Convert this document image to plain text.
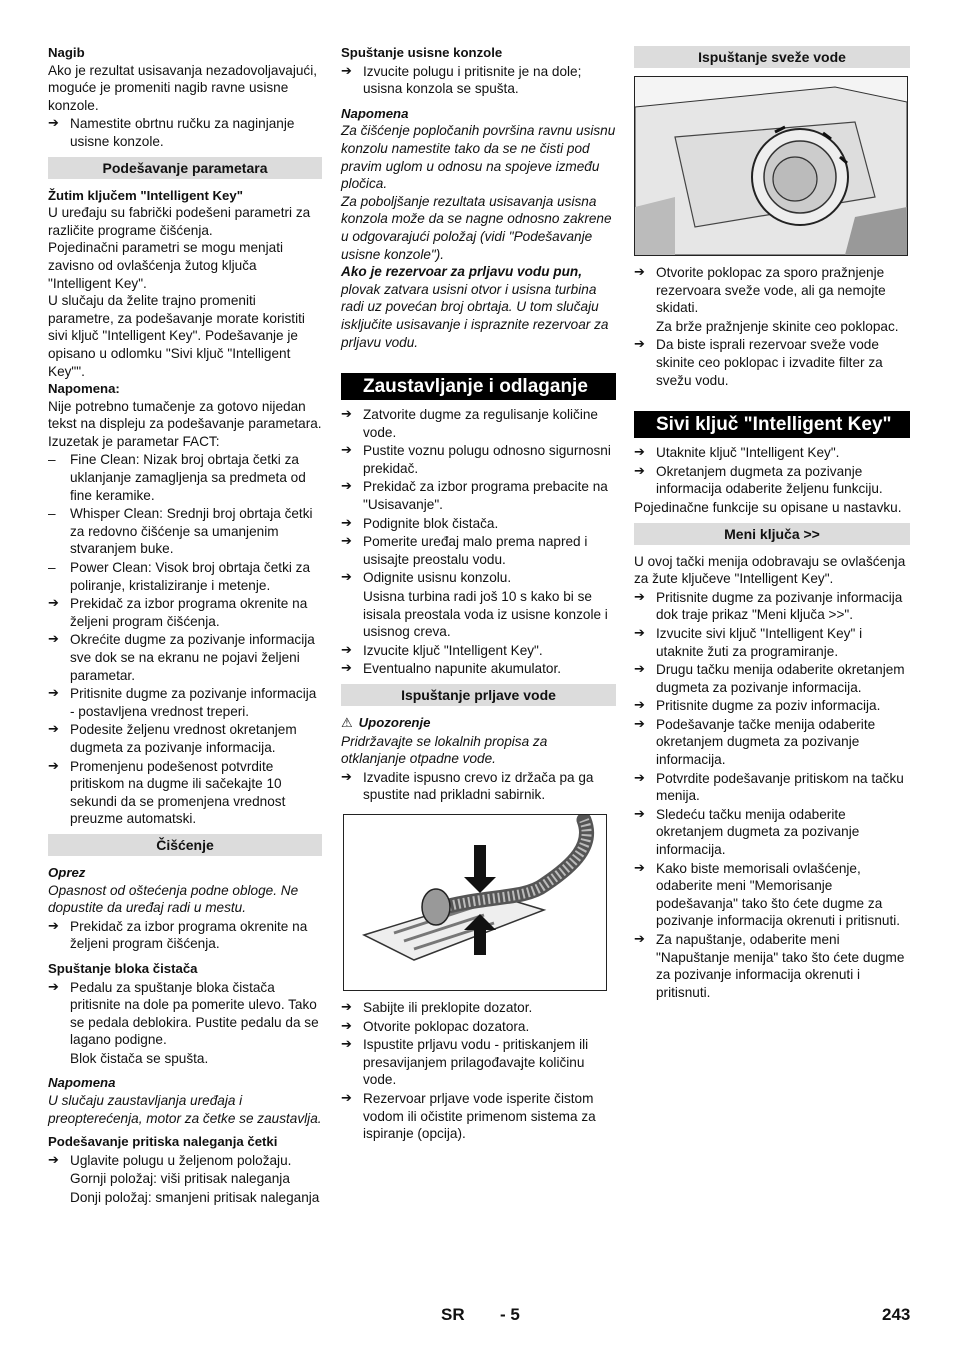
Nagib

Ako je rezultat usisavanja nezadovoljavajući, moguće je promeniti nagib ravne usisne konzole.

➔ Namestite obrtnu ručku za naginjanje usisne konzole.
Podešavanje parametara
Žutim ključem "Intelligent Key"

U uređaju su fabrički podešeni parametri za različite programe čišćenja.

Pojedinačni parametri se mogu menjati zavisno od ovlašćenja žutog ključa "Intelligent Key".

U slučaju da želite trajno promeniti parametre, za podešavanje morate koristiti sivi ključ "Intelligent Key". Podešavanje je opisano u odlomku "Sivi ključ "Intelligent Key"".

Napomena:

Nije potrebno tumačenje za gotovo nijedan tekst na displeju za podešavanje parametara. Izuzetak je parametar FACT:

– Fine Clean: Nizak broj obrtaja četki za uklanjanje zamagljenja sa predmeta od fine keramike.
– Whisper Clean: Srednji broj obrtaja četki za redovno čišćenje sa umanjenim stvaranjem buke.
– Power Clean: Visok broj obrtaja četki za poliranje, kristaliziranje i metenje.
➔ Prekidač za izbor programa okrenite na željeni program čišćenja.
➔ Okrećite dugme za pozivanje informacija sve dok se na ekranu ne pojavi željeni parametar.
➔ Pritisnite dugme za pozivanje informacija - postavljena vrednost treperi.
➔ Podesite željenu vrednost okretanjem dugmeta za pozivanje informacija.
➔ Promenjenu podešenost potvrdite pritiskom na dugme ili sačekajte 10 sekundi da se promenjena vrednost preuzme automatski.
Čišćenje
Oprez

Opasnost od oštećenja podne obloge. Ne dopustite da uređaj radi u mestu.

➔ Prekidač za izbor programa okrenite na željeni program čišćenja.
Spuštanje bloka čistača
➔ Pedalu za spuštanje bloka čistača pritisnite na dole pa pomerite ulevo. Tako se pedala deblokira. Pustite pedalu da se lagano podigne.
Blok čistača se spušta.
Napomena

U slučaju zaustavljanja uređaja i preopterećenja, motor za četke se zaustavlja.

Podešavanje pritiska naleganja četki
➔ Uglavite polugu u željenom položaju.
Gornji položaj: viši pritisak naleganja
Donji položaj: smanjeni pritisak naleganja
Spuštanje usisne konzole
➔ Izvucite polugu i pritisnite je na dole; usisna konzola se spušta.
Napomena

Za čišćenje popločanih površina ravnu usisnu konzolu namestite tako da se ne čisti pod pravim uglom u odnosu na spojeve između pločica.

Za poboljšanje rezultata usisavanja usisna konzola može da se nagne odnosno zakrene u odgovarajući položaj (vidi "Podešavanje usisne konzole").

Ako je rezervoar za prljavu vodu pun, plovak zatvara usisni otvor i usisna turbina radi uz povećan broj obrtaja. U tom slučaju isključite usisavanje i ispraznite rezervoar za prljavu vodu.

Zaustavljanje i odlaganje
➔ Zatvorite dugme za regulisanje količine vode.
➔ Pustite voznu polugu odnosno sigurnosni prekidač.
➔ Prekidač za izbor programa prebacite na "Usisavanje".
➔ Podignite blok čistača.
➔ Pomerite uređaj malo prema napred i usisajte preostalu vodu.
➔ Odignite usisnu konzolu.
Usisna turbina radi još 10 s kako bi se isisala preostala voda iz usisne konzole i usisnog creva.
➔ Izvucite ključ "Intelligent Key".
➔ Eventualno napunite akumulator.
Ispuštanje prljave vode
⚠ Upozorenje

Pridržavajte se lokalnih propisa za otklanjanje otpadne vode.

➔ Izvadite ispusno crevo iz držača pa ga spustite nad prikladni sabirnik.
➔ Sabijte ili preklopite dozator.
➔ Otvorite poklopac dozatora.
➔ Ispustite prljavu vodu - pritiskanjem ili presavijanjem prilagođavajte količinu vode.
➔ Rezervoar prljave vode isperite čistom vodom ili očistite primenom sistema za ispiranje (opcija).
Ispuštanje sveže vode
➔ Otvorite poklopac za sporo pražnjenje rezervoara sveže vode, ali ga nemojte skidati.
Za brže pražnjenje skinite ceo poklopac.
➔ Da biste isprali rezervoar sveže vode skinite ceo poklopac i izvadite filter za svežu vodu.
Sivi ključ "Intelligent Key"
➔ Utaknite ključ "Intelligent Key".
➔ Okretanjem dugmeta za pozivanje informacija odaberite željenu funkciju.

Pojedinačne funkcije su opisane u nastavku.

Meni ključa >>

U ovoj tački menija odobravaju se ovlašćenja za žute ključeve "Intelligent Key".

➔ Pritisnite dugme za pozivanje informacija dok traje prikaz "Meni ključa >>".
➔ Izvucite sivi ključ "Intelligent Key" i utaknite žuti za programiranje.
➔ Drugu tačku menija odaberite okretanjem dugmeta za pozivanje informacija.
➔ Pritisnite dugme za poziv informacija.
➔ Podešavanje tačke menija odaberite okretanjem dugmeta za pozivanje informacija.
➔ Potvrdite podešavanje pritiskom na tačku menija.
➔ Sledeću tačku menija odaberite okretanjem dugmeta za pozivanje informacija.
➔ Kako biste memorisali ovlašćenje, odaberite meni "Memorisanje podešavanja" tako što ćete dugme za pozivanje informacija okrenuti i pritisnuti.
➔ Za napuštanje, odaberite meni "Napuštanje menija" tako što ćete dugme za pozivanje informacija okrenuti i pritisnuti.
SR - 5	243
